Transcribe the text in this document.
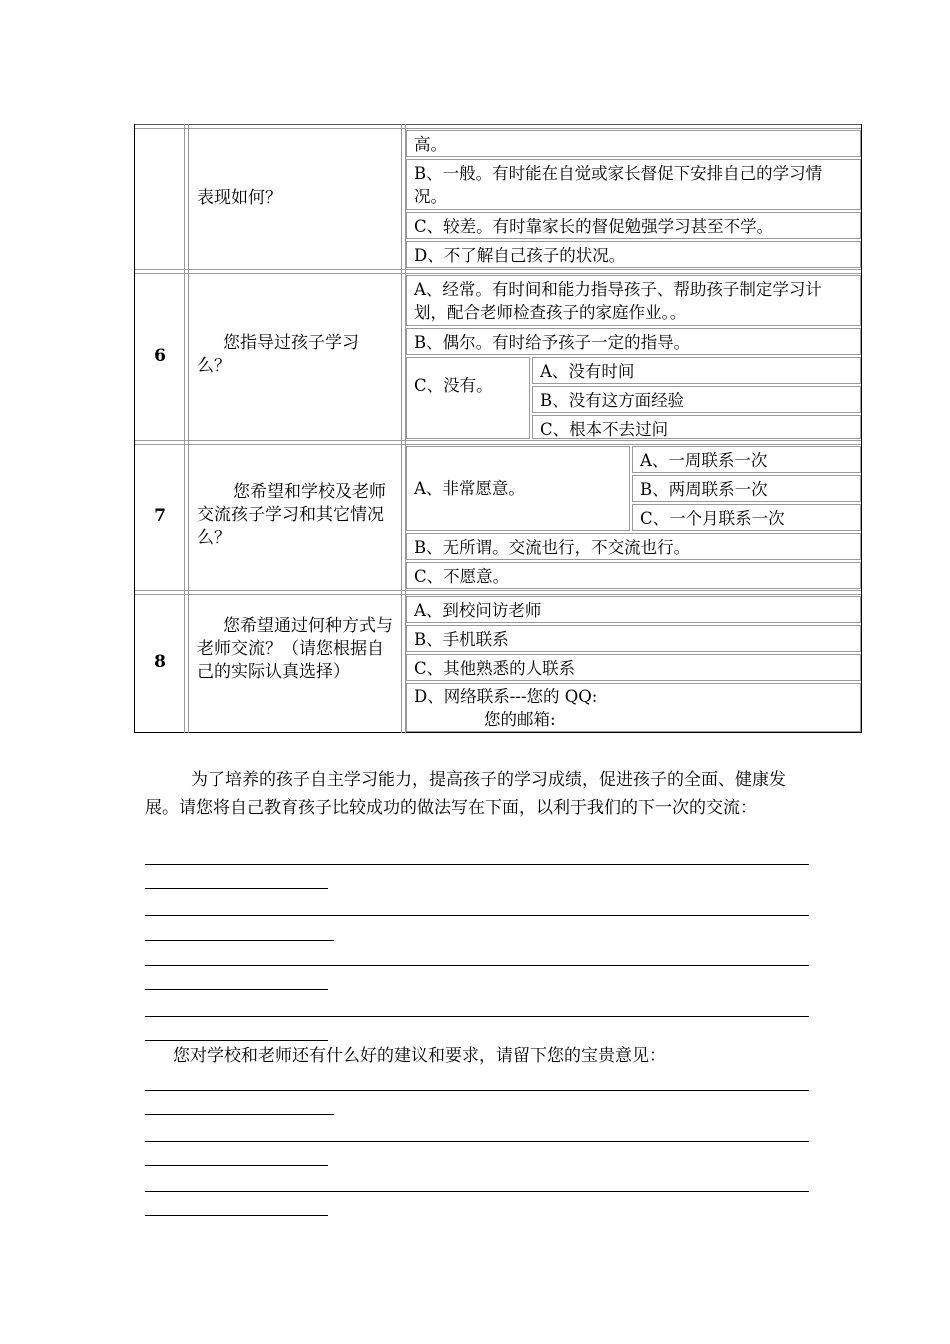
表现如何？
高。
B、一般。有时能在自觉或家长督促下安排自己的学习情况。
C、较差。有时靠家长的督促勉强学习甚至不学。
D、不了解自己孩子的状况。
6
您指导过孩子学习么？
A、经常。有时间和能力指导孩子、帮助孩子制定学习计划，配合老师检查孩子的家庭作业。。
B、偶尔。有时给予孩子一定的指导。
C、没有。
A、没有时间
B、没有这方面经验
C、根本不去过问
7
您希望和学校及老师交流孩子学习和其它情况么？
A、非常愿意。
A、一周联系一次
B、两周联系一次
C、一个月联系一次
B、无所谓。交流也行，不交流也行。
C、不愿意。
8
您希望通过何种方式与老师交流？（请您根据自己的实际认真选择）
A、到校问访老师
B、手机联系
C、其他熟悉的人联系
D、网络联系---您的 QQ:
您的邮箱:
为了培养的孩子自主学习能力，提高孩子的学习成绩，促进孩子的全面、健康发展。请您将自己教育孩子比较成功的做法写在下面，以利于我们的下一次的交流：
您对学校和老师还有什么好的建议和要求，请留下您的宝贵意见：
